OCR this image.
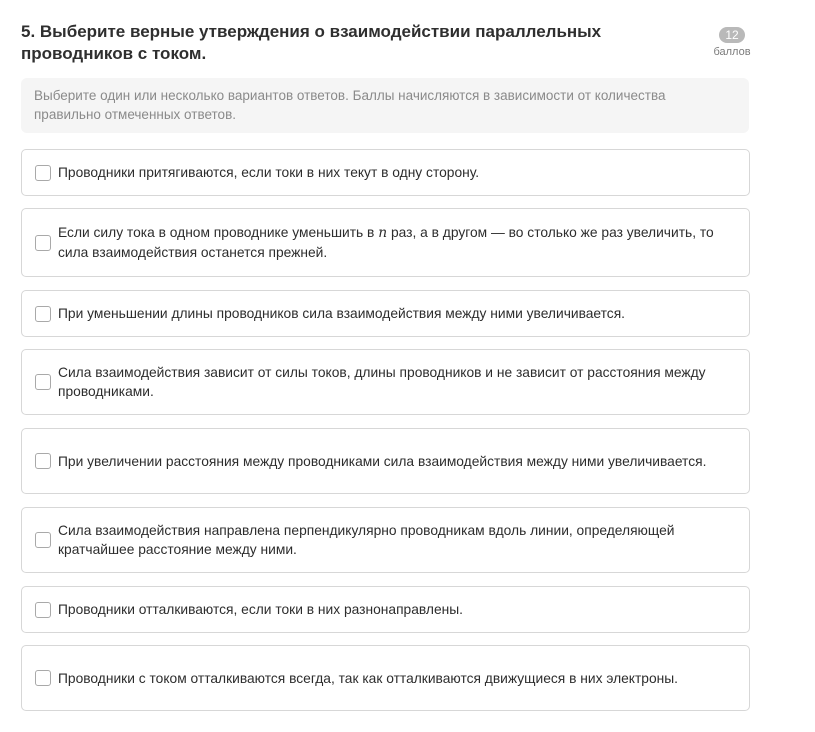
5. Выберите верные утверждения о взаимодействии параллельных проводников с током.
12
баллов
Выберите один или несколько вариантов ответов. Баллы начисляются в зависимости от количества правильно отмеченных ответов.
Проводники притягиваются, если токи в них текут в одну сторону.
Если силу тока в одном проводнике уменьшить в n раз, а в другом — во столько же раз увеличить, то сила взаимодействия останется прежней.
При уменьшении длины проводников сила взаимодействия между ними увеличивается.
Сила взаимодействия зависит от силы токов, длины проводников и не зависит от расстояния между проводниками.
При увеличении расстояния между проводниками сила взаимодействия между ними увеличивается.
Сила взаимодействия направлена перпендикулярно проводникам вдоль линии, определяющей кратчайшее расстояние между ними.
Проводники отталкиваются, если токи в них разнонаправлены.
Проводники с током отталкиваются всегда, так как отталкиваются движущиеся в них электроны.
